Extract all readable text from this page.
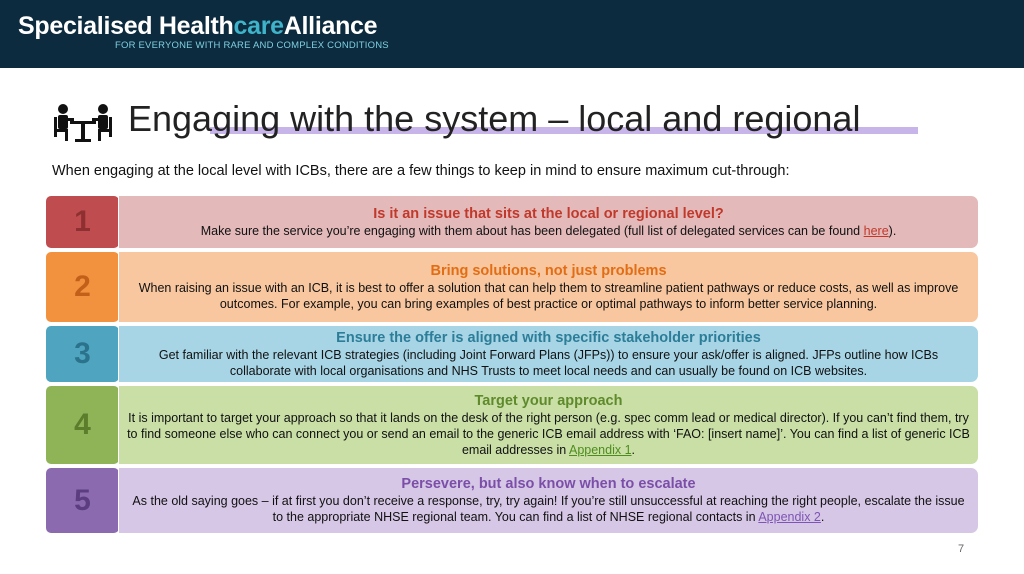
Specialised HealthcareAlliance
FOR EVERYONE WITH RARE AND COMPLEX CONDITIONS
Engaging with the system – local and regional
When engaging at the local level with ICBs, there are a few things to keep in mind to ensure maximum cut-through:
1	Is it an issue that sits at the local or regional level?
Make sure the service you’re engaging with them about has been delegated (full list of delegated services can be found here).
2	Bring solutions, not just problems
When raising an issue with an ICB, it is best to offer a solution that can help them to streamline patient pathways or reduce costs, as well as improve outcomes. For example, you can bring examples of best practice or optimal pathways to inform better service planning.
3	Ensure the offer is aligned with specific stakeholder priorities
Get familiar with the relevant ICB strategies (including Joint Forward Plans (JFPs)) to ensure your ask/offer is aligned. JFPs outline how ICBs collaborate with local organisations and NHS Trusts to meet local needs and can usually be found on ICB websites.
4
Target your approach
It is important to target your approach so that it lands on the desk of the right person (e.g. spec comm lead or medical director). If you can’t find them, try to find someone else who can connect you or send an email to the generic ICB email address with ‘FAO: [insert name]’. You can find a list of generic ICB email addresses in Appendix 1.
5	Persevere, but also know when to escalate
As the old saying goes – if at first you don’t receive a response, try, try again! If you’re still unsuccessful at reaching the right people, escalate the issue to the appropriate NHSE regional team. You can find a list of NHSE regional contacts in Appendix 2.
7
